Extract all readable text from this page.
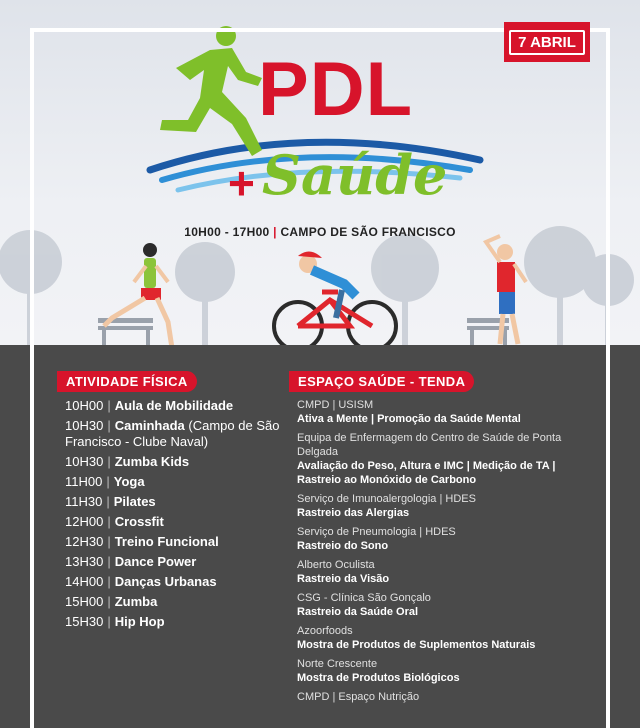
7 ABRIL
PDL
+ Saúde
10H00 - 17H00 | CAMPO DE SÃO FRANCISCO
ATIVIDADE FÍSICA	ESPAÇO SAÚDE - TENDA
10H00 | Aula de Mobilidade
10H30 | Caminhada (Campo de São Francisco - Clube Naval)
10H30 | Zumba Kids
11H00 | Yoga
11H30 | Pilates
12H00 | Crossfit
12H30 | Treino Funcional
13H30 | Dance Power
14H00 | Danças Urbanas
15H00 | Zumba
15H30 | Hip Hop
CMPD | USISM
Ativa a Mente | Promoção da Saúde Mental
Equipa de Enfermagem do Centro de Saúde de Ponta Delgada
Avaliação do Peso, Altura e IMC | Medição de TA | Rastreio ao Monóxido de Carbono
Serviço de Imunoalergologia | HDES
Rastreio das Alergias
Serviço de Pneumologia | HDES
Rastreio do Sono
Alberto Oculista
Rastreio da Visão
CSG - Clínica São Gonçalo
Rastreio da Saúde Oral
Azoorfoods
Mostra de Produtos de Suplementos Naturais
Norte Crescente
Mostra de Produtos Biológicos
CMPD | Espaço Nutrição
